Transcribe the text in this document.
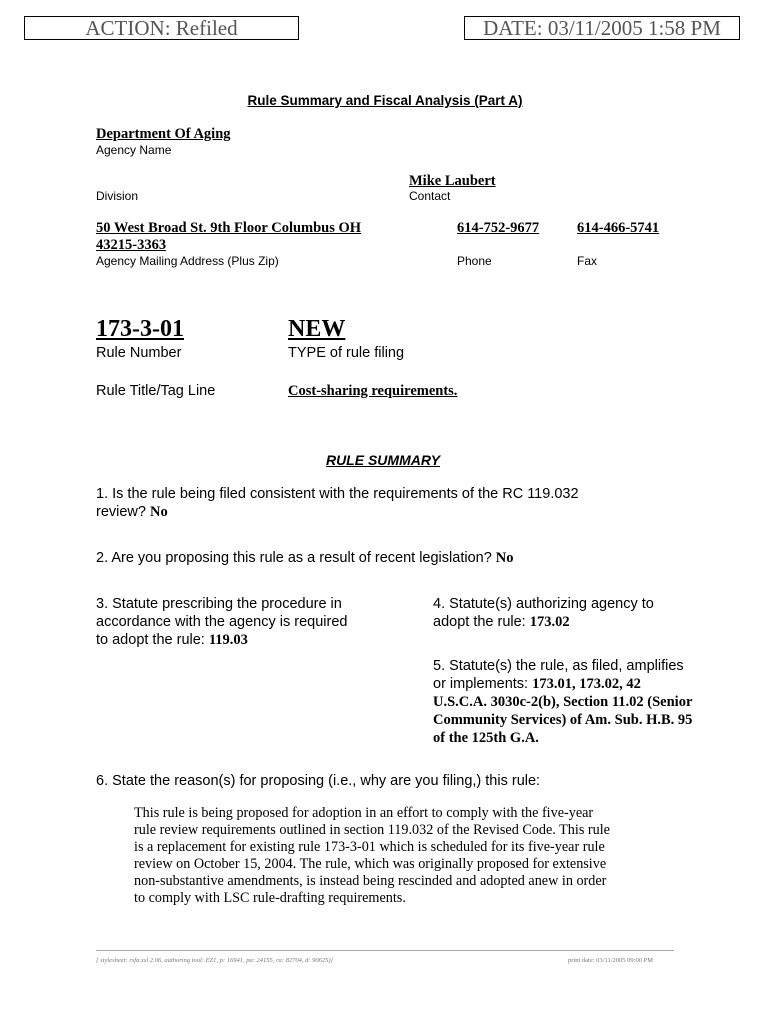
ACTION: Refiled	DATE: 03/11/2005 1:58 PM
Rule Summary and Fiscal Analysis (Part A)
Department Of Aging
Agency Name
Mike Laubert
Division	Contact
50 West Broad St. 9th Floor Columbus OH
43215-3363
614-752-9677	614-466-5741
Agency Mailing Address (Plus Zip)	Phone	Fax
173-3-01	NEW
Rule Number	TYPE of rule filing
Rule Title/Tag Line	Cost-sharing requirements.
RULE SUMMARY
1. Is the rule being filed consistent with the requirements of the RC 119.032
review? No
2. Are you proposing this rule as a result of recent legislation? No
3. Statute prescribing the procedure in
accordance with the agency is required
to adopt the rule: 119.03
4. Statute(s) authorizing agency to
adopt the rule: 173.02
5. Statute(s) the rule, as filed, amplifies
or implements: 173.01, 173.02, 42
U.S.C.A. 3030c-2(b), Section 11.02 (Senior
Community Services) of Am. Sub. H.B. 95
of the 125th G.A.
6. State the reason(s) for proposing (i.e., why are you filing,) this rule:
This rule is being proposed for adoption in an effort to comply with the five-year
rule review requirements outlined in section 119.032 of the Revised Code. This rule
is a replacement for existing rule 173-3-01 which is scheduled for its five-year rule
review on October 15, 2004. The rule, which was originally proposed for extensive
non-substantive amendments, is instead being rescinded and adopted anew in order
to comply with LSC rule-drafting requirements.
[ stylesheet: rsfa.xsl 2.06, authoring tool: EZ1, p: 16941, pa: 24155, ra: 82704, d: 90625)]	print date: 03/11/2005 09:00 PM
